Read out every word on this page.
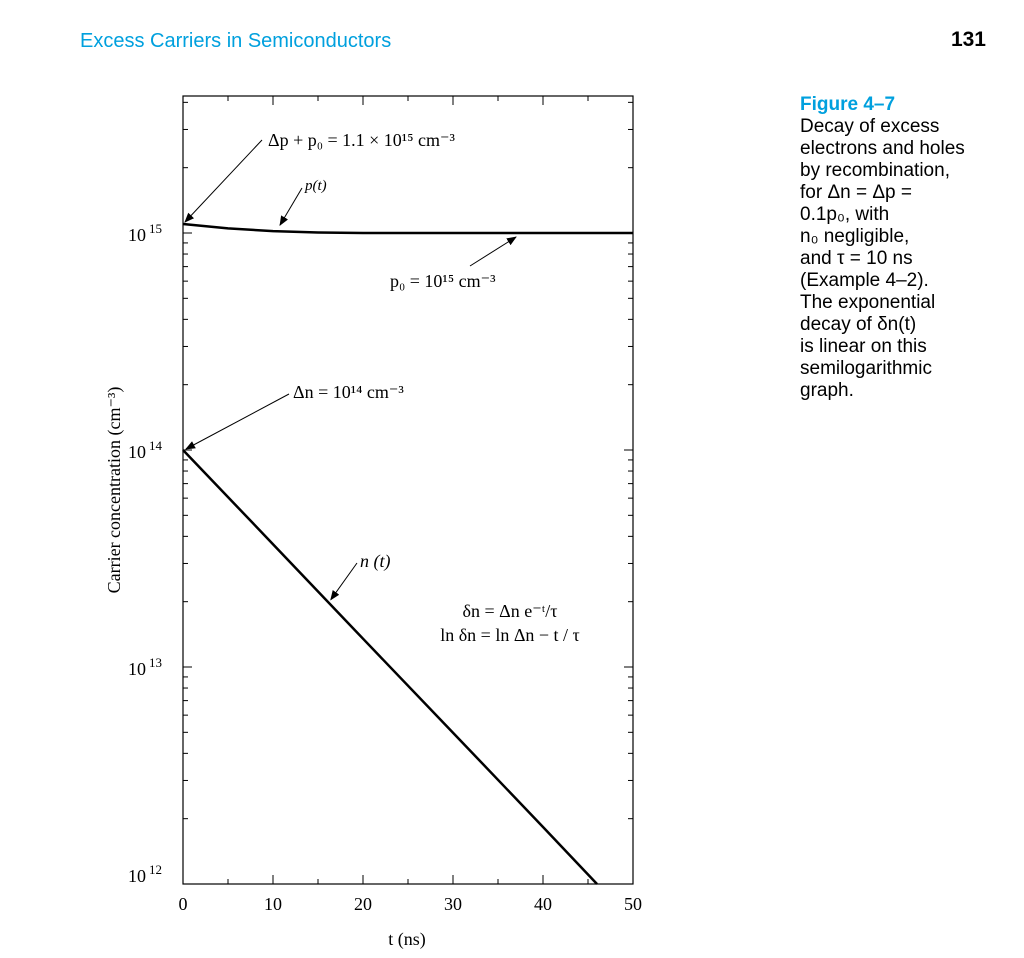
Excess Carriers in Semiconductors	131
Figure 4–7
Decay of excess
electrons and holes
by recombination,
for Δn = Δp =
0.1p₀, with
n₀ negligible,
and τ = 10 ns
(Example 4–2).
The exponential
decay of δn(t)
is linear on this
semilogarithmic
graph.
0	10	20	30	40	50
10 $^{15}$
10 $^{14}$
10 $^{13}$
10 $^{12}$
Δp + p₀ = 1.1 × 10¹⁵ cm⁻³
p(t)
p₀ = 10¹⁵ cm⁻³
Δn = 10¹⁴ cm⁻³
n (t)
δn = Δn e⁻ᵗ/τ
ln δn = ln Δn − t / τ
t (ns)
Carrier concentration (cm⁻³)
